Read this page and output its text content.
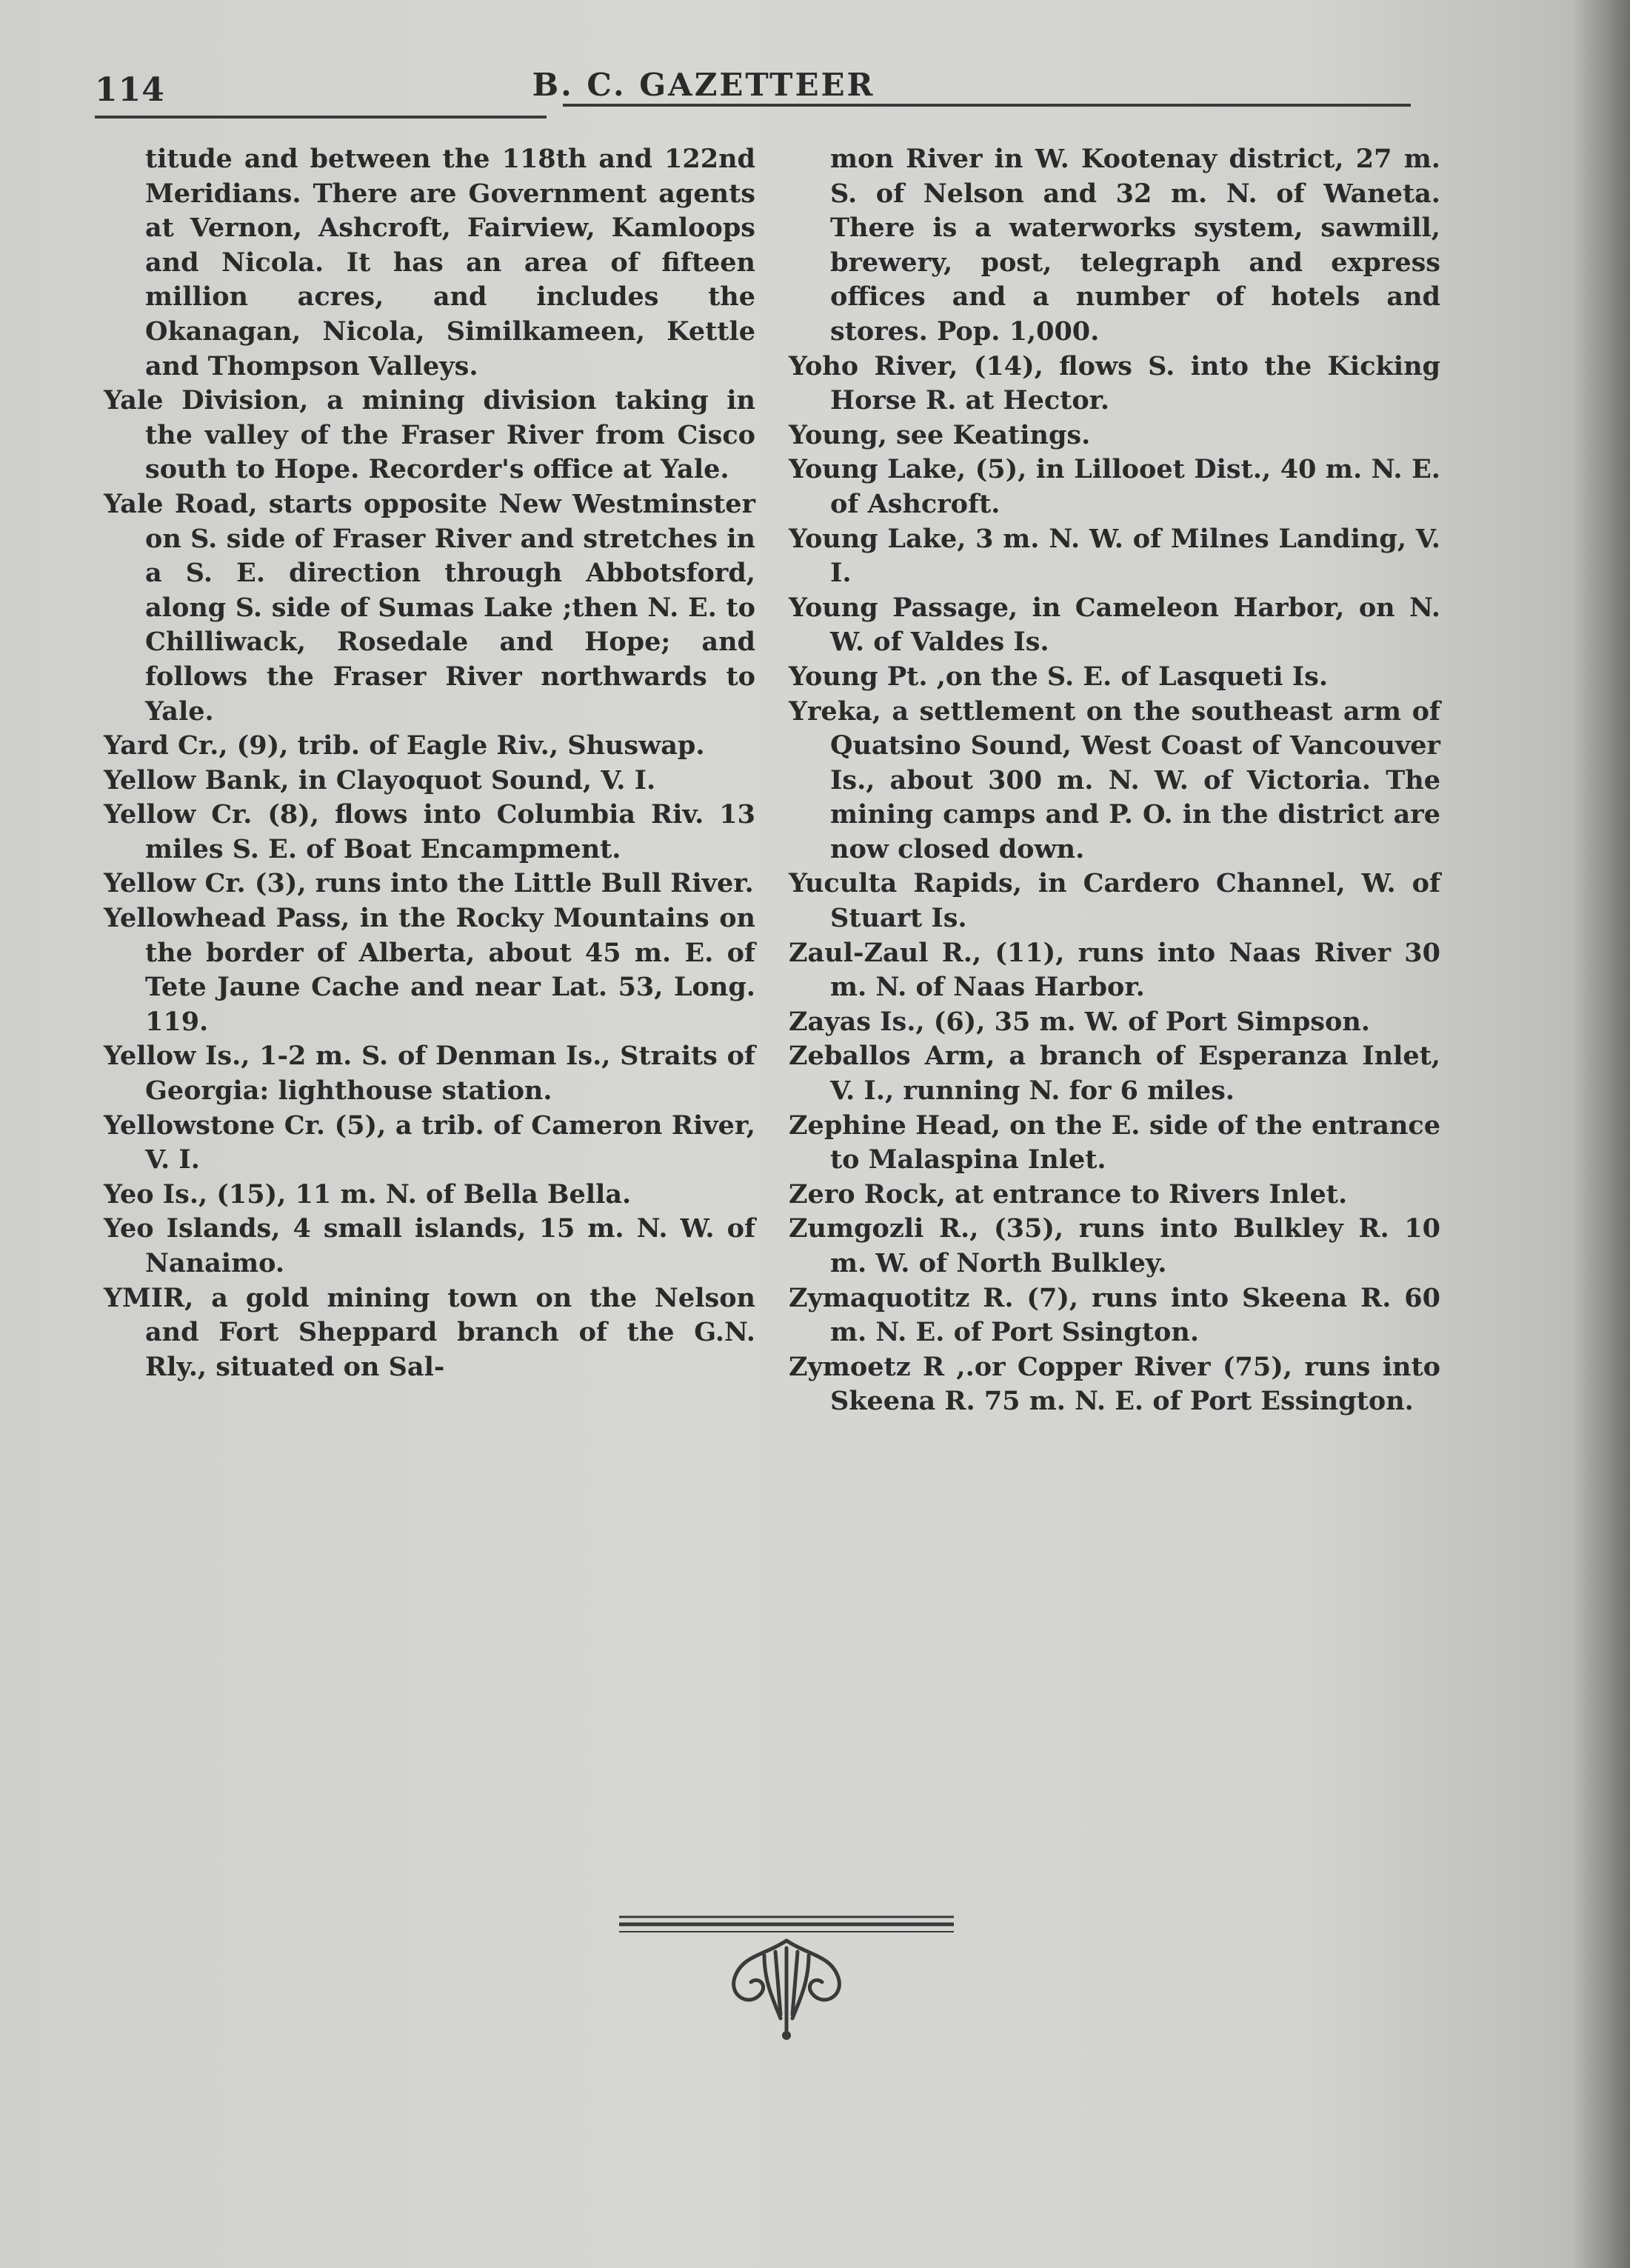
114	B. C. GAZETTEER

titude and between the 118th and 122nd Meridians. There are Government agents at Vernon, Ashcroft, Fairview, Kamloops and Nicola. It has an area of fifteen million acres, and includes the Okanagan, Nicola, Similkameen, Kettle and Thompson Valleys.

Yale Division, a mining division taking in the valley of the Fraser River from Cisco south to Hope. Recorder's office at Yale.

Yale Road, starts opposite New Westminster on S. side of Fraser River and stretches in a S. E. direction through Abbotsford, along S. side of Sumas Lake ;then N. E. to Chilliwack, Rosedale and Hope; and follows the Fraser River northwards to Yale.

Yard Cr., (9), trib. of Eagle Riv., Shuswap.

Yellow Bank, in Clayoquot Sound, V. I.

Yellow Cr. (8), flows into Columbia Riv. 13 miles S. E. of Boat Encampment.

Yellow Cr. (3), runs into the Little Bull River.

Yellowhead Pass, in the Rocky Mountains on the border of Alberta, about 45 m. E. of Tete Jaune Cache and near Lat. 53, Long. 119.

Yellow Is., 1-2 m. S. of Denman Is., Straits of Georgia: lighthouse station.

Yellowstone Cr. (5), a trib. of Cameron River, V. I.

Yeo Is., (15), 11 m. N. of Bella Bella.

Yeo Islands, 4 small islands, 15 m. N. W. of Nanaimo.

YMIR, a gold mining town on the Nelson and Fort Sheppard branch of the G.N. Rly., situated on Sal-

mon River in W. Kootenay district, 27 m. S. of Nelson and 32 m. N. of Waneta. There is a waterworks system, sawmill, brewery, post, telegraph and express offices and a number of hotels and stores. Pop. 1,000.

Yoho River, (14), flows S. into the Kicking Horse R. at Hector.

Young, see Keatings.

Young Lake, (5), in Lillooet Dist., 40 m. N. E. of Ashcroft.

Young Lake, 3 m. N. W. of Milnes Landing, V. I.

Young Passage, in Cameleon Harbor, on N. W. of Valdes Is.

Young Pt. ,on the S. E. of Lasqueti Is.

Yreka, a settlement on the southeast arm of Quatsino Sound, West Coast of Vancouver Is., about 300 m. N. W. of Victoria. The mining camps and P. O. in the district are now closed down.

Yuculta Rapids, in Cardero Channel, W. of Stuart Is.

Zaul-Zaul R., (11), runs into Naas River 30 m. N. of Naas Harbor.

Zayas Is., (6), 35 m. W. of Port Simpson.

Zeballos Arm, a branch of Esperanza Inlet, V. I., running N. for 6 miles.

Zephine Head, on the E. side of the entrance to Malaspina Inlet.

Zero Rock, at entrance to Rivers Inlet.

Zumgozli R., (35), runs into Bulkley R. 10 m. W. of North Bulkley.

Zymaquotitz R. (7), runs into Skeena R. 60 m. N. E. of Port Ssington.

Zymoetz R ,.or Copper River (75), runs into Skeena R. 75 m. N. E. of Port Essington.
